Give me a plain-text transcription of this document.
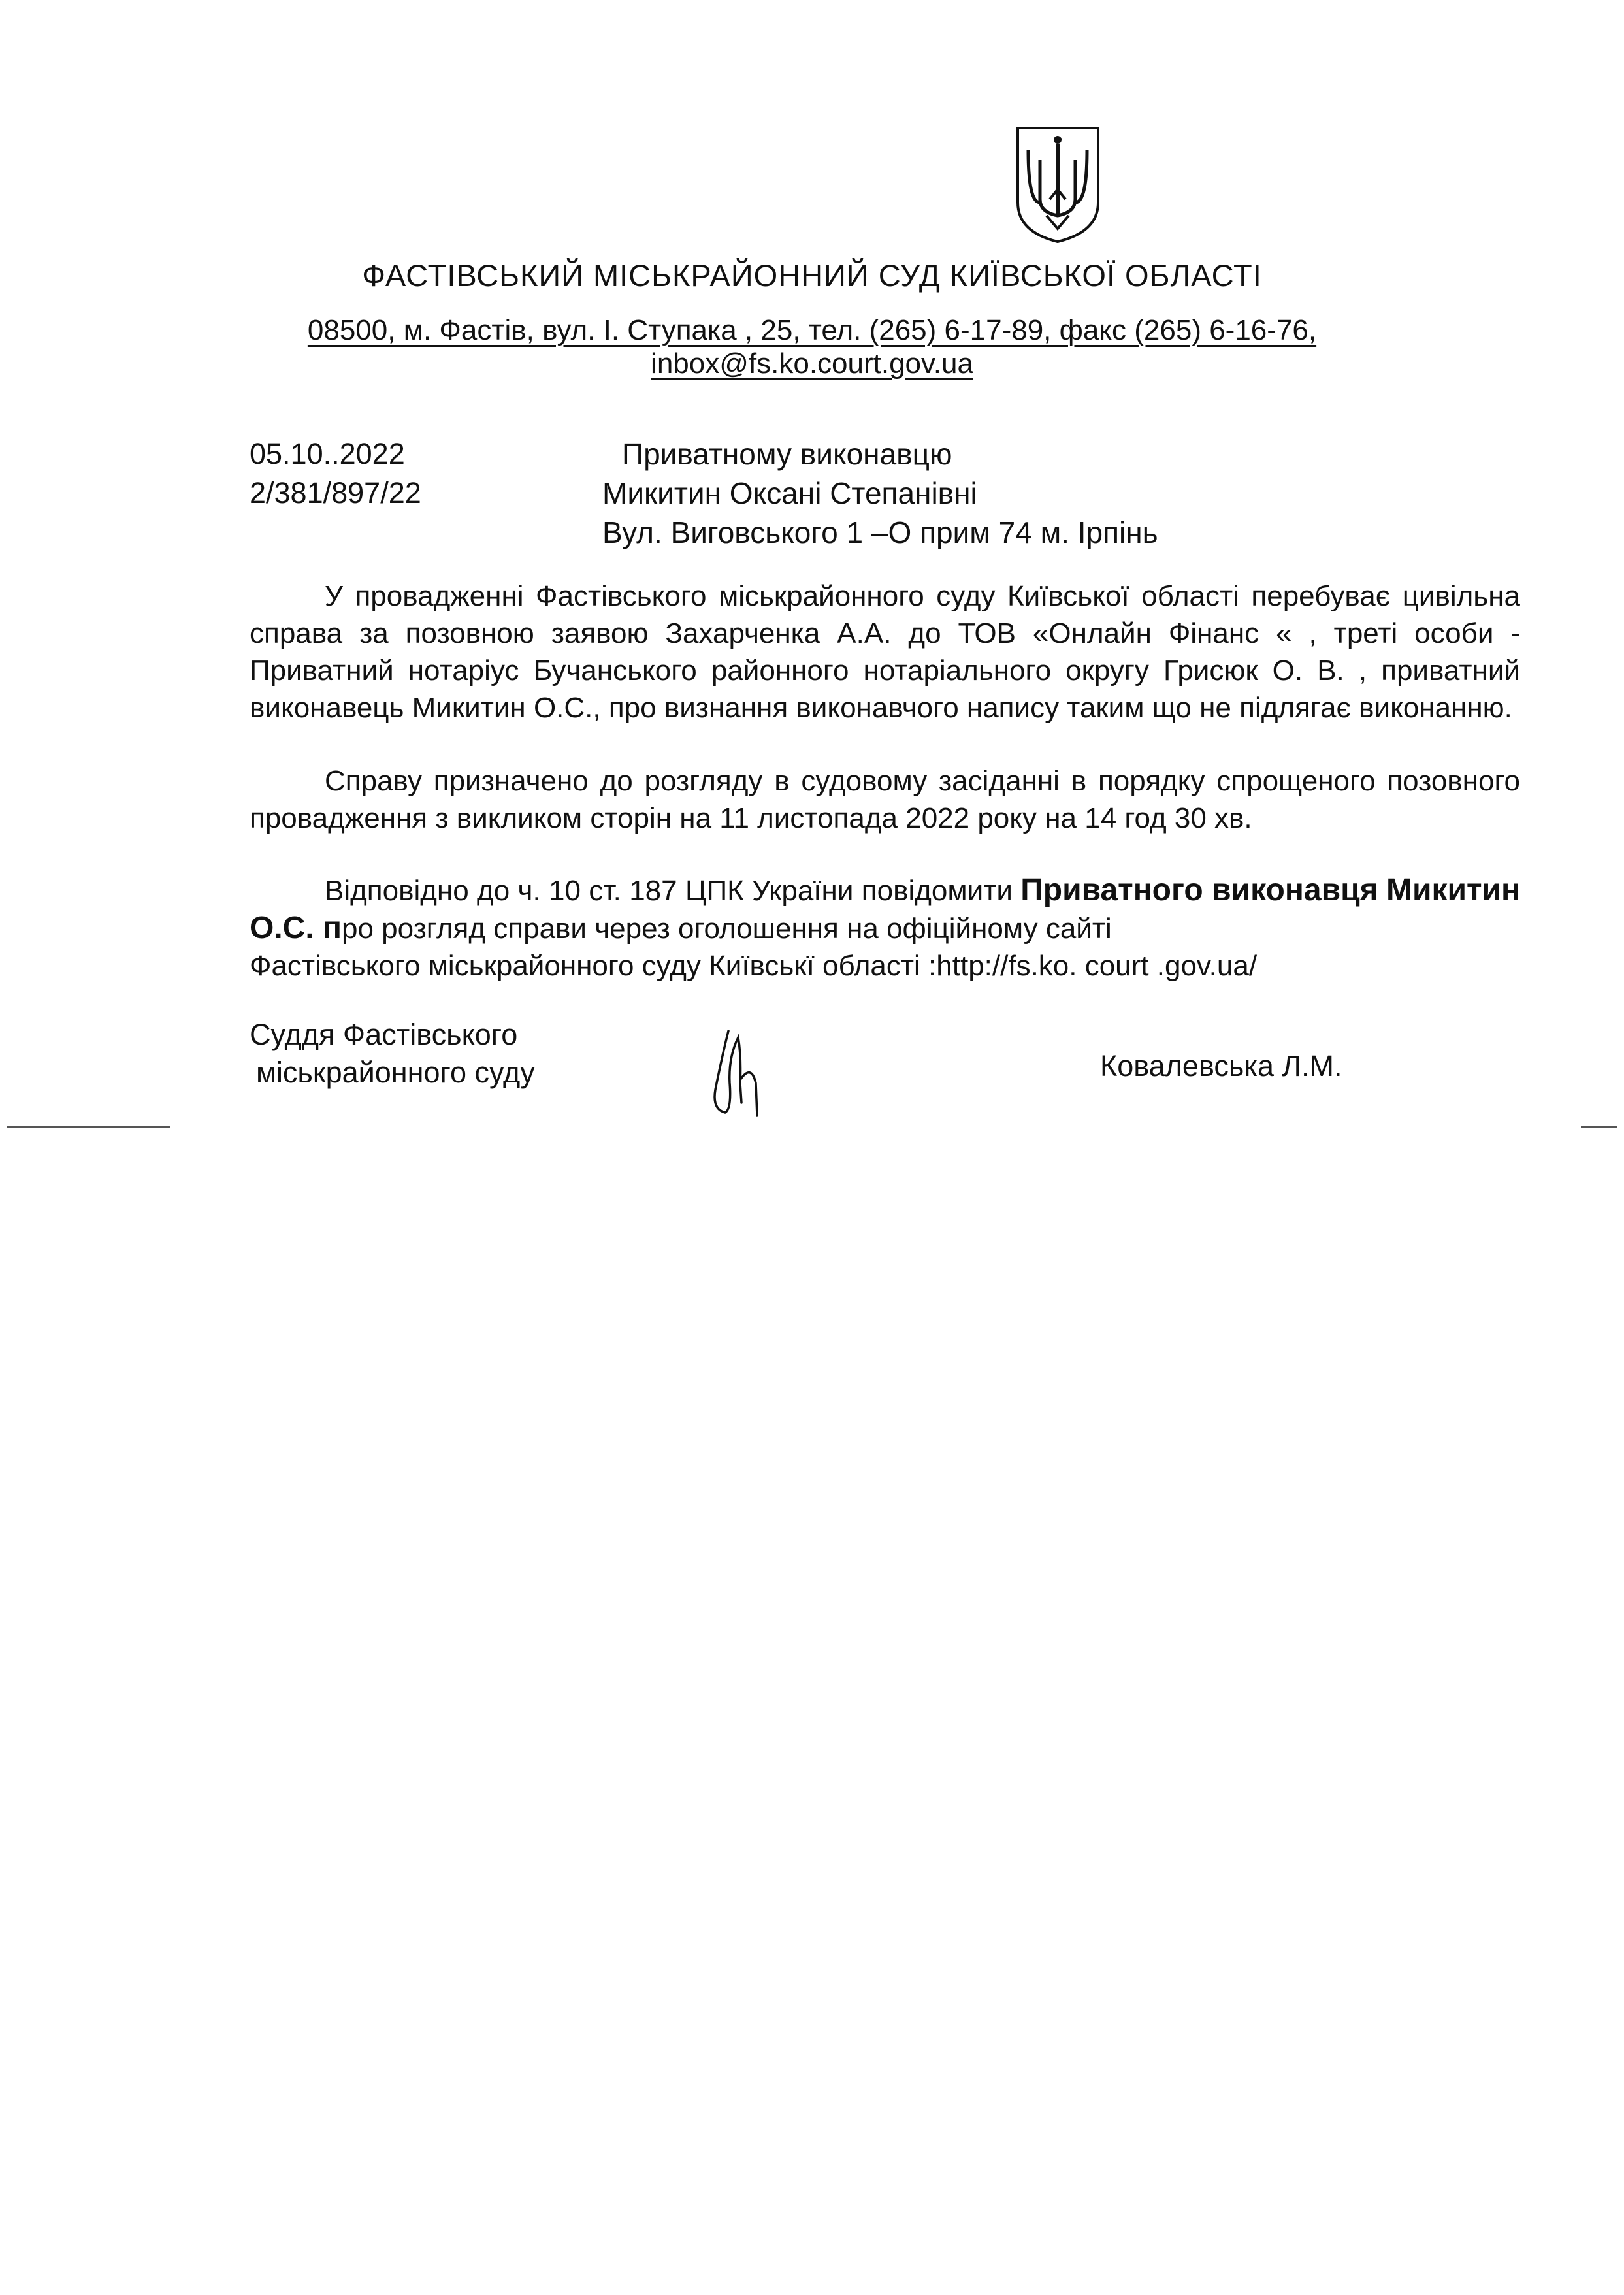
ФАСТІВСЬКИЙ МІСЬКРАЙОННИЙ СУД КИЇВСЬКОЇ ОБЛАСТІ
08500, м. Фастів, вул. І. Ступака , 25, тел. (265) 6-17-89, факс (265) 6-16-76,
inbox@fs.ko.court.gov.ua
05.10..2022
2/381/897/22
Приватному виконавцю
Микитин Оксані Степанівні
Вул. Виговського 1 –О прим 74 м. Ірпінь
У провадженні Фастівського міськрайонного суду Київської області перебуває цивільна справа за позовною заявою Захарченка А.А. до ТОВ «Онлайн Фінанс « , треті особи - Приватний нотаріус Бучанського районного нотаріального округу Грисюк О. В. , приватний виконавець Микитин О.С., про визнання виконавчого напису таким що не підлягає виконанню.
Справу призначено до розгляду в судовому засіданні в порядку спрощеного позовного провадження з викликом сторін на 11 листопада 2022 року на 14 год 30 хв.
Відповідно до ч. 10 ст. 187 ЦПК України повідомити Приватного виконавця Микитин О.С. про розгляд справи через оголошення на офіційному сайті
Фастівського міськрайонного суду Київськї області :http://fs.ko. court .gov.ua/
Суддя Фастівського
міськрайонного суду	Ковалевська Л.М.
